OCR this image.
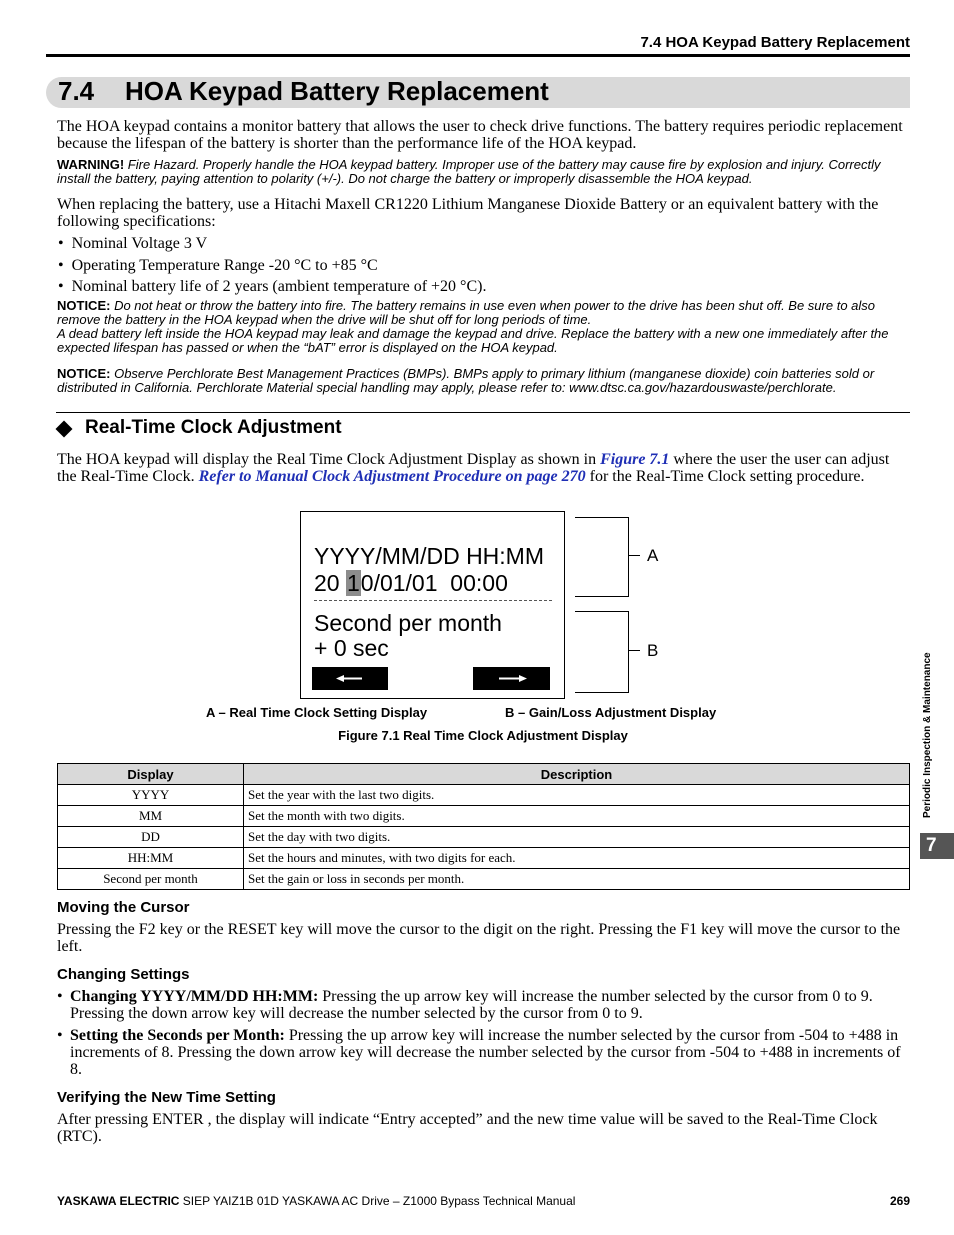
7.4 HOA Keypad Battery Replacement
7.4 HOA Keypad Battery Replacement
The HOA keypad contains a monitor battery that allows the user to check drive functions. The battery requires periodic replacement because the lifespan of the battery is shorter than the performance life of the HOA keypad.
WARNING! Fire Hazard. Properly handle the HOA keypad battery. Improper use of the battery may cause fire by explosion and injury. Correctly install the battery, paying attention to polarity (+/-). Do not charge the battery or improperly disassemble the HOA keypad.
When replacing the battery, use a Hitachi Maxell CR1220 Lithium Manganese Dioxide Battery or an equivalent battery with the following specifications:
•  Nominal Voltage 3 V
•  Operating Temperature Range -20 °C to +85 °C
•  Nominal battery life of 2 years (ambient temperature of +20 °C).
NOTICE: Do not heat or throw the battery into fire. The battery remains in use even when power to the drive has been shut off. Be sure to also remove the battery in the HOA keypad when the drive will be shut off for long periods of time.
A dead battery left inside the HOA keypad may leak and damage the keypad and drive. Replace the battery with a new one immediately after the expected lifespan has passed or when the “bAT” error is displayed on the HOA keypad.
NOTICE: Observe Perchlorate Best Management Practices (BMPs). BMPs apply to primary lithium (manganese dioxide) coin batteries sold or distributed in California. Perchlorate Material special handling may apply, please refer to: www.dtsc.ca.gov/hazardouswaste/perchlorate.
Real-Time Clock Adjustment
The HOA keypad will display the Real Time Clock Adjustment Display as shown in Figure 7.1 where the user the user can adjust the Real-Time Clock. Refer to Manual Clock Adjustment Procedure on page 270 for the Real-Time Clock setting procedure.
YYYY/MM/DD HH:MM
20 10/01/01  00:00
Second per month
+ 0 sec
A
B
A – Real Time Clock Setting Display	B – Gain/Loss Adjustment Display
Figure 7.1 Real Time Clock Adjustment Display
Display	Description
YYYY	Set the year with the last two digits.
MM	Set the month with two digits.
DD	Set the day with two digits.
HH:MM	Set the hours and minutes, with two digits for each.
Second per month	Set the gain or loss in seconds per month.
Moving the Cursor
Pressing the F2 key or the RESET key will move the cursor to the digit on the right. Pressing the F1 key will move the cursor to the left.
Changing Settings
• Changing YYYY/MM/DD HH:MM: Pressing the up arrow key will increase the number selected by the cursor from 0 to 9. Pressing the down arrow key will decrease the number selected by the cursor from 0 to 9.
• Setting the Seconds per Month: Pressing the up arrow key will increase the number selected by the cursor from -504 to +488 in increments of 8. Pressing the down arrow key will decrease the number selected by the cursor from -504 to +488 in increments of 8.
Verifying the New Time Setting
After pressing ENTER , the display will indicate “Entry accepted” and the new time value will be saved to the Real-Time Clock (RTC).
Periodic Inspection & Maintenance
7
YASKAWA ELECTRIC SIEP YAIZ1B 01D YASKAWA AC Drive – Z1000 Bypass Technical Manual	269
